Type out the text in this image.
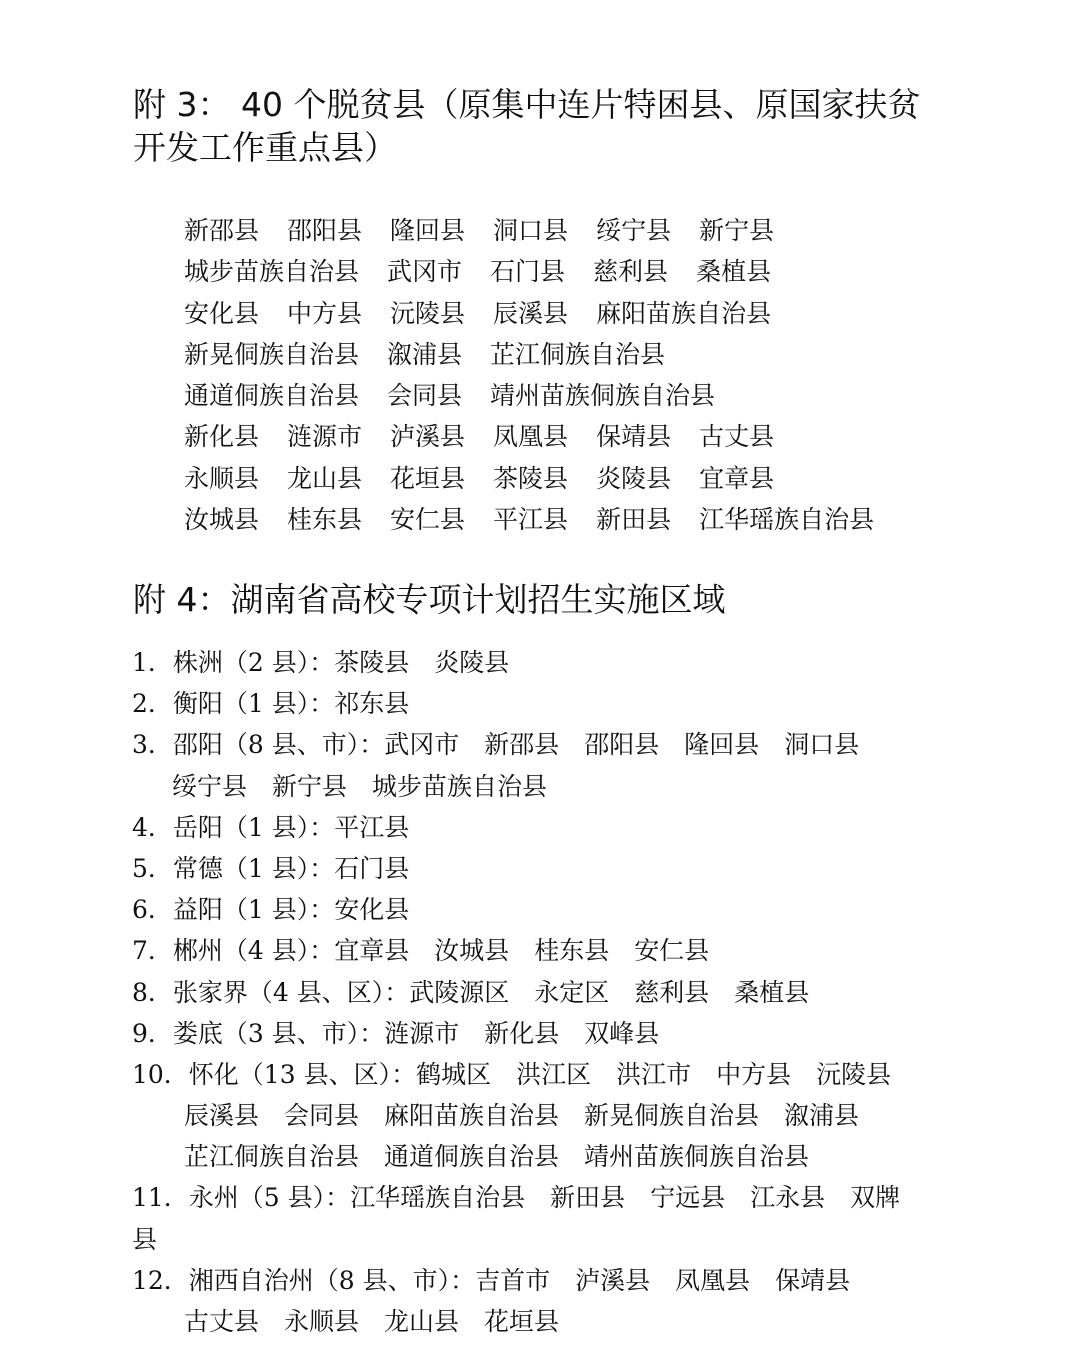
附 3： 40 个脱贫县（原集中连片特困县、原国家扶贫
开发工作重点县）
新邵县 邵阳县 隆回县 洞口县 绥宁县 新宁县
城步苗族自治县 武冈市 石门县 慈利县 桑植县
安化县 中方县 沅陵县 辰溪县 麻阳苗族自治县
新晃侗族自治县 溆浦县 芷江侗族自治县
通道侗族自治县 会同县 靖州苗族侗族自治县
新化县 涟源市 泸溪县 凤凰县 保靖县 古丈县
永顺县 龙山县 花垣县 茶陵县 炎陵县 宜章县
汝城县 桂东县 安仁县 平江县 新田县 江华瑶族自治县
附 4：湖南省高校专项计划招生实施区域
1．株洲（2 县）：茶陵县　炎陵县
2．衡阳（1 县）：祁东县
3．邵阳（8 县、市）：武冈市　新邵县　邵阳县　隆回县　洞口县
绥宁县　新宁县　城步苗族自治县
4．岳阳（1 县）：平江县
5．常德（1 县）：石门县
6．益阳（1 县）：安化县
7．郴州（4 县）：宜章县　汝城县　桂东县　安仁县
8．张家界（4 县、区）：武陵源区　永定区　慈利县　桑植县
9．娄底（3 县、市）：涟源市　新化县　双峰县
10．怀化（13 县、区）：鹤城区　洪江区　洪江市　中方县　沅陵县
辰溪县　会同县　麻阳苗族自治县　新晃侗族自治县　溆浦县
芷江侗族自治县　通道侗族自治县　靖州苗族侗族自治县
11．永州（5 县）：江华瑶族自治县　新田县　宁远县　江永县　双牌
县
12．湘西自治州（8 县、市）：吉首市　泸溪县　凤凰县　保靖县
古丈县　永顺县　龙山县　花垣县
